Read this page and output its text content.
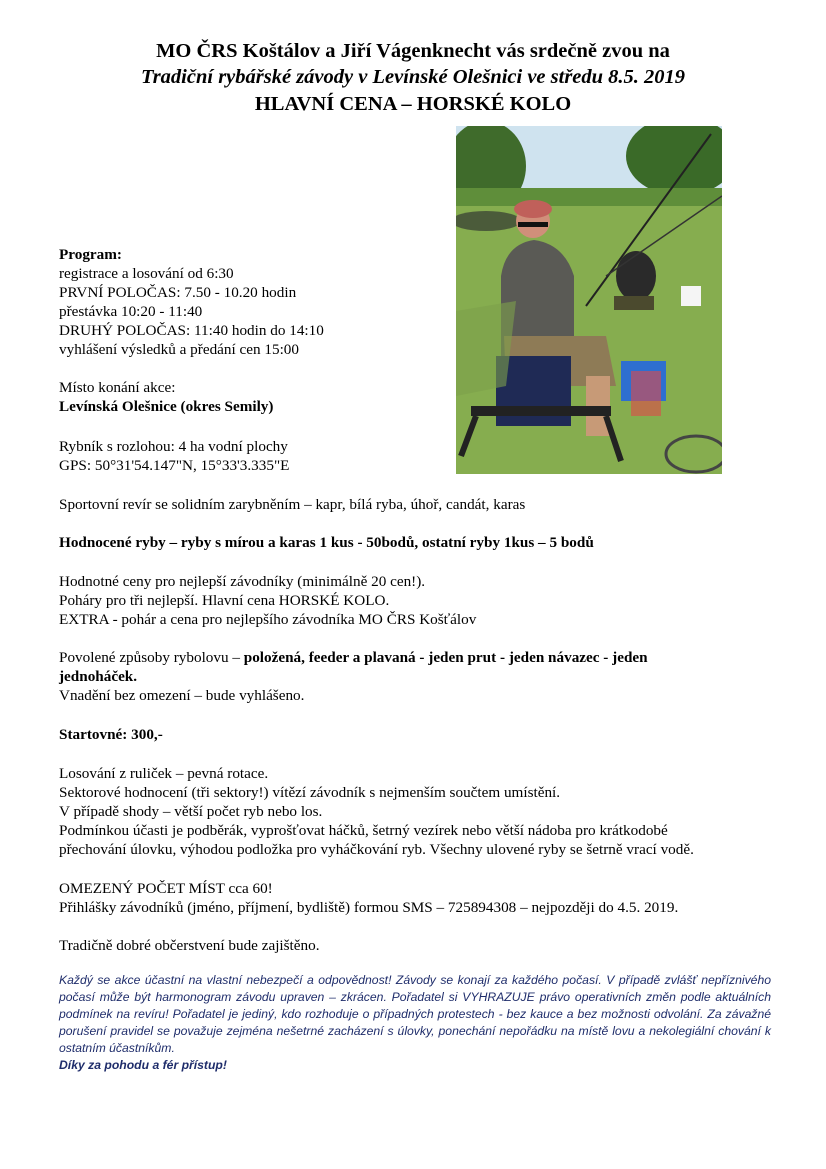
MO ČRS Koštálov a Jiří Vágenknecht vás srdečně zvou na
Tradiční rybářské závody v Levínské Olešnici ve středu 8.5. 2019
HLAVNÍ CENA – HORSKÉ KOLO

Program:

registrace a losování od 6:30

PRVNÍ POLOČAS: 7.50 - 10.20 hodin

přestávka 10:20 - 11:40

DRUHÝ POLOČAS: 11:40 hodin do 14:10

vyhlášení výsledků a předání cen 15:00

Místo konání akce:

Levínská Olešnice (okres Semily)

Rybník s rozlohou: 4 ha vodní plochy

GPS: 50°31'54.147"N, 15°33'3.335"E

Sportovní revír se solidním zarybněním – kapr, bílá ryba, úhoř, candát, karas

Hodnocené ryby – ryby s mírou a karas 1 kus - 50bodů, ostatní ryby 1kus – 5 bodů

Hodnotné ceny pro nejlepší závodníky (minimálně 20 cen!).

Poháry pro tři nejlepší. Hlavní cena HORSKÉ KOLO.

EXTRA - pohár a cena pro nejlepšího závodníka MO ČRS Košťálov

Povolené způsoby rybolovu – položená, feeder a plavaná - jeden prut - jeden návazec - jeden jednoháček.

Vnadění bez omezení – bude vyhlášeno.

Startovné: 300,-

Losování z ruliček – pevná rotace.

Sektorové hodnocení (tři sektory!) vítězí závodník s nejmenším součtem umístění.

V případě shody – větší počet ryb nebo los.

Podmínkou účasti je podběrák, vyprošťovat háčků, šetrný vezírek nebo větší nádoba pro krátkodobé

přechování úlovku, výhodou podložka pro vyháčkování ryb. Všechny ulovené ryby se šetrně vrací vodě.

OMEZENÝ POČET MÍST cca 60!

Přihlášky závodníků (jméno, příjmení, bydliště) formou SMS – 725894308 – nejpozději do 4.5. 2019.

Tradičně dobré občerstvení bude zajištěno.

Každý se akce účastní na vlastní nebezpečí a odpovědnost! Závody se konají za každého počasí. V případě zvlášť nepříznivého počasí může být harmonogram závodu upraven – zkrácen. Pořadatel si VYHRAZUJE právo operativních změn podle aktuálních podmínek na revíru! Pořadatel je jediný, kdo rozhoduje o případných protestech - bez kauce a bez možnosti odvolání. Za závažné porušení pravidel se považuje zejména nešetrné zacházení s úlovky, ponechání nepořádku na místě lovu a nekolegiální chování k ostatním účastníkům.
Díky za pohodu a fér přístup!
